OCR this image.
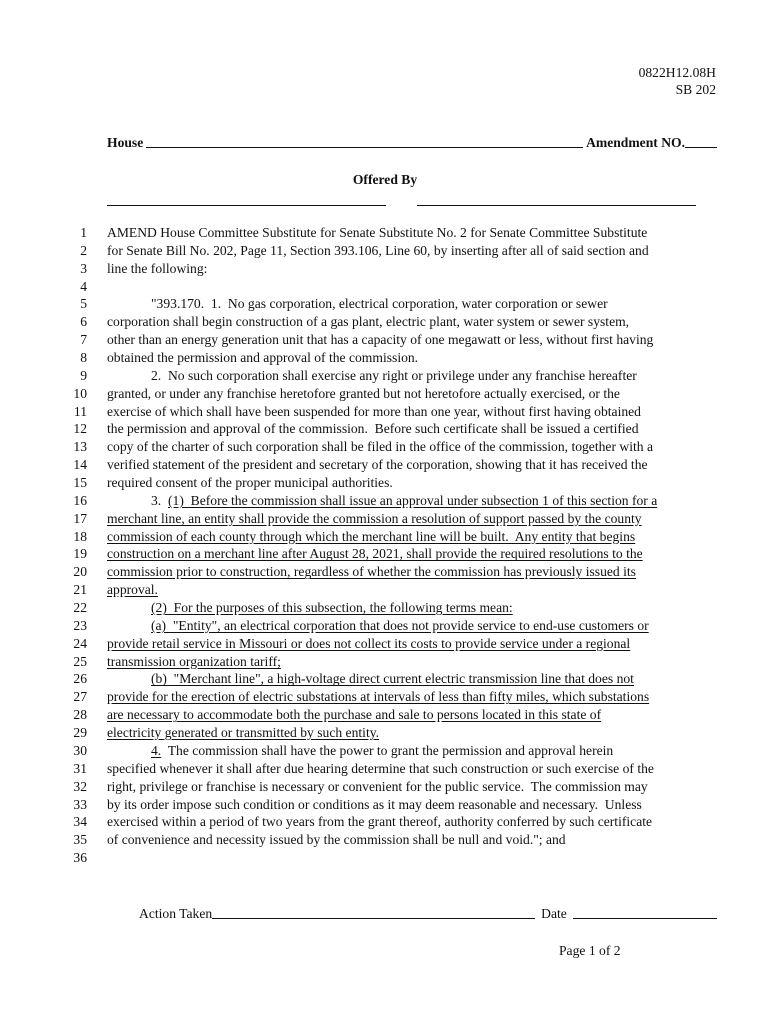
0822H12.08H
SB 202
House	Amendment NO.
Offered By
1 AMEND House Committee Substitute for Senate Substitute No. 2 for Senate Committee Substitute
2 for Senate Bill No. 202, Page 11, Section 393.106, Line 60, by inserting after all of said section and
3 line the following:
4
5	"393.170.  1.  No gas corporation, electrical corporation, water corporation or sewer
6 corporation shall begin construction of a gas plant, electric plant, water system or sewer system,
7 other than an energy generation unit that has a capacity of one megawatt or less, without first having
8 obtained the permission and approval of the commission.
9	2.  No such corporation shall exercise any right or privilege under any franchise hereafter
10 granted, or under any franchise heretofore granted but not heretofore actually exercised, or the
11 exercise of which shall have been suspended for more than one year, without first having obtained
12 the permission and approval of the commission.  Before such certificate shall be issued a certified
13 copy of the charter of such corporation shall be filed in the office of the commission, together with a
14 verified statement of the president and secretary of the corporation, showing that it has received the
15 required consent of the proper municipal authorities.
16	3.  (1)  Before the commission shall issue an approval under subsection 1 of this section for a
17 merchant line, an entity shall provide the commission a resolution of support passed by the county
18 commission of each county through which the merchant line will be built.  Any entity that begins
19 construction on a merchant line after August 28, 2021, shall provide the required resolutions to the
20 commission prior to construction, regardless of whether the commission has previously issued its
21 approval.
22	(2)  For the purposes of this subsection, the following terms mean:
23	(a)  "Entity", an electrical corporation that does not provide service to end-use customers or
24 provide retail service in Missouri or does not collect its costs to provide service under a regional
25 transmission organization tariff;
26	(b)  "Merchant line", a high-voltage direct current electric transmission line that does not
27 provide for the erection of electric substations at intervals of less than fifty miles, which substations
28 are necessary to accommodate both the purchase and sale to persons located in this state of
29 electricity generated or transmitted by such entity.
30	4.  The commission shall have the power to grant the permission and approval herein
31 specified whenever it shall after due hearing determine that such construction or such exercise of the
32 right, privilege or franchise is necessary or convenient for the public service.  The commission may
33 by its order impose such condition or conditions as it may deem reasonable and necessary.  Unless
34 exercised within a period of two years from the grant thereof, authority conferred by such certificate
35 of convenience and necessity issued by the commission shall be null and void."; and
36
Action Taken	Date
Page 1 of 2
